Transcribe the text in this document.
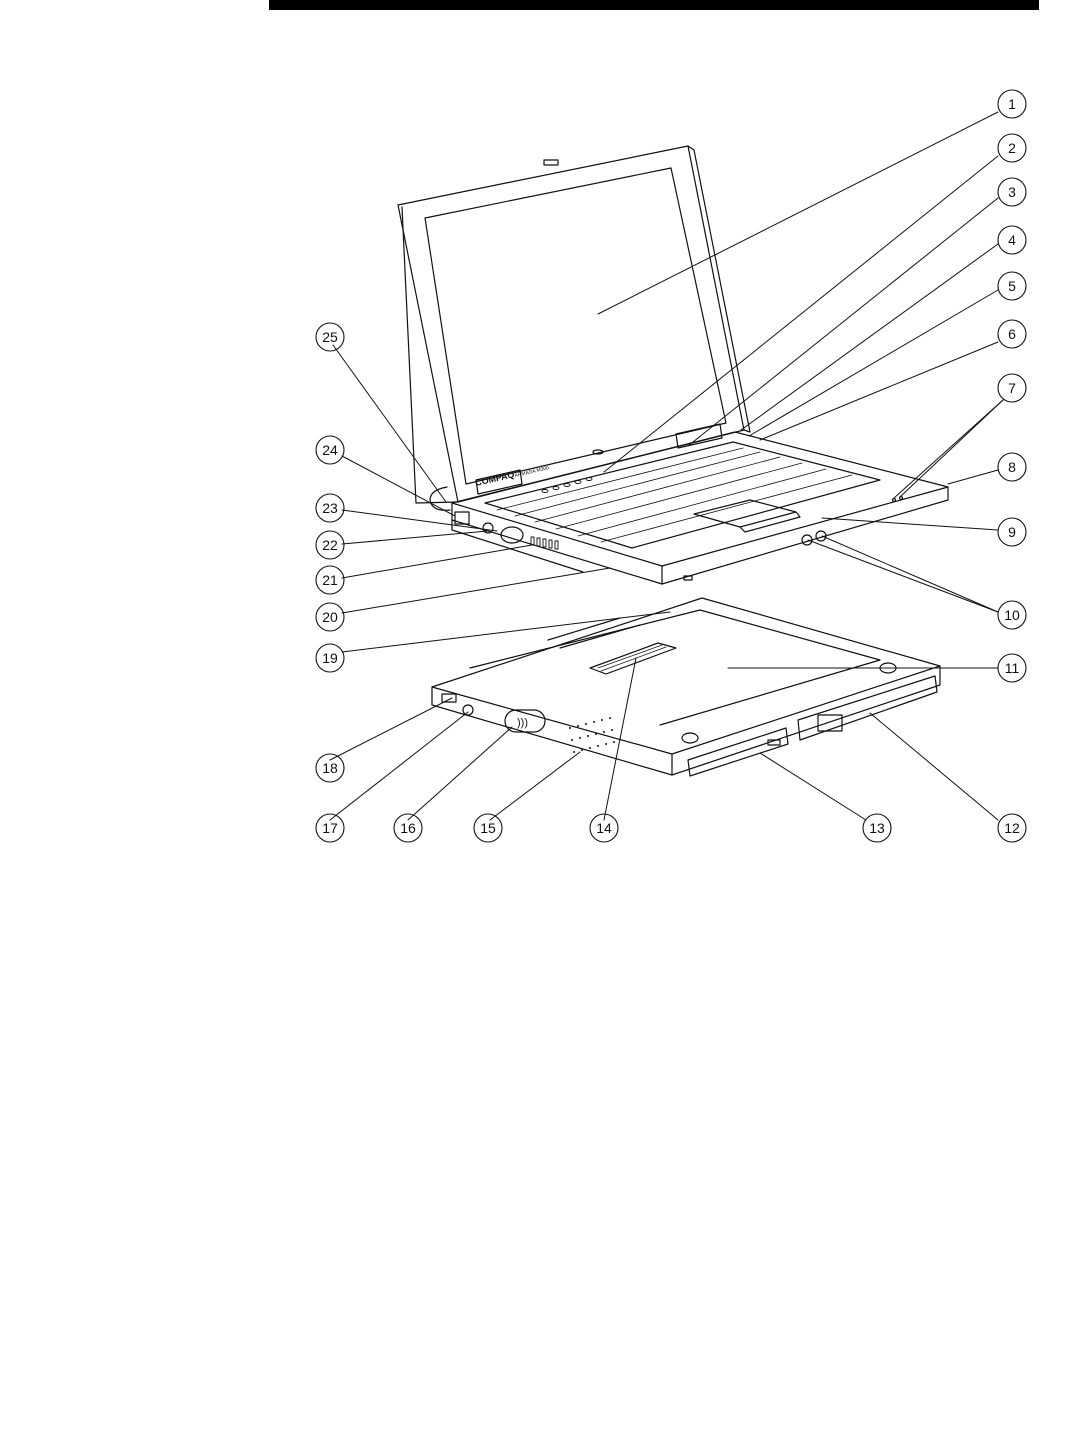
COMPAQ
ARMADA M300
)))
1
2
3
4
5
6
7
8
9
10
11
12
13
14
15
16
17
18
19
20
21
22
23
24
25
